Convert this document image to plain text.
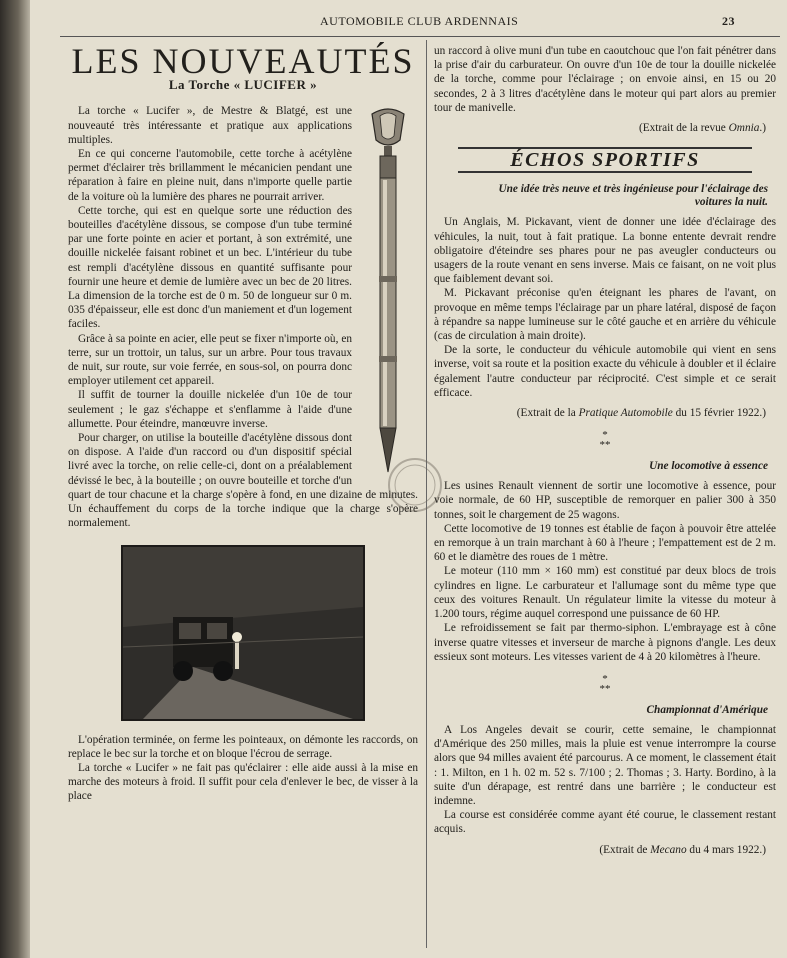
AUTOMOBILE CLUB ARDENNAIS	23
LES NOUVEAUTÉS
La Torche « LUCIFER »

La torche « Lucifer », de Mestre & Blatgé, est une nouveauté très intéressante et pratique aux applications multiples.

En ce qui concerne l'automobile, cette torche à acétylène permet d'éclairer très brillamment le mécanicien pendant une réparation à faire en pleine nuit, dans n'importe quelle partie de la voiture où la lumière des phares ne pourrait arriver.

Cette torche, qui est en quelque sorte une réduction des bouteilles d'acétylène dissous, se compose d'un tube terminé par une forte pointe en acier et portant, à son extrémité, une douille nickelée faisant robinet et un bec. L'intérieur du tube est rempli d'acétylène dissous en quantité suffisante pour fournir une heure et demie de lumière avec un bec de 20 litres. La dimension de la torche est de 0 m. 50 de longueur sur 0 m. 035 d'épaisseur, elle est donc d'un maniement et d'un logement faciles.

Grâce à sa pointe en acier, elle peut se fixer n'importe où, en terre, sur un trottoir, un talus, sur un arbre. Pour tous travaux de nuit, sur route, sur voie ferrée, en sous-sol, on pourra donc employer utilement cet appareil.

Il suffit de tourner la douille nickelée d'un 10e de tour seulement ; le gaz s'échappe et s'enflamme à l'aide d'une allumette. Pour éteindre, manœuvre inverse.

Pour charger, on utilise la bouteille d'acétylène dissous dont on dispose. A l'aide d'un raccord ou d'un dispositif spécial livré avec la torche, on relie celle-ci, dont on a préalablement dévissé le bec, à la bouteille ; on ouvre bouteille et torche d'un quart de tour chacune et la charge s'opère à fond, en une dizaine de minutes. Un échauffement du corps de la torche indique que la charge s'opère normalement.

L'opération terminée, on ferme les pointeaux, on démonte les raccords, on replace le bec sur la torche et on bloque l'écrou de serrage.

La torche « Lucifer » ne fait pas qu'éclairer : elle aide aussi à la mise en marche des moteurs à froid. Il suffit pour cela d'enlever le bec, de visser à la place

un raccord à olive muni d'un tube en caoutchouc que l'on fait pénétrer dans la prise d'air du carburateur. On ouvre d'un 10e de tour la douille nickelée de la torche, comme pour l'éclairage ; on envoie ainsi, en 15 ou 20 secondes, 2 à 3 litres d'acétylène dans le moteur qui part alors au premier tour de manivelle.

(Extrait de la revue Omnia.)
ÉCHOS SPORTIFS
Une idée très neuve et très ingénieuse pour l'éclairage des voitures la nuit.

Un Anglais, M. Pickavant, vient de donner une idée d'éclairage des véhicules, la nuit, tout à fait pratique. La bonne entente devrait rendre obligatoire d'éteindre ses phares pour ne pas aveugler conducteurs ou usagers de la route venant en sens inverse. Mais ce faisant, on ne voit plus que faiblement devant soi.

M. Pickavant préconise qu'en éteignant les phares de l'avant, on provoque en même temps l'éclairage par un phare latéral, disposé de façon à répandre sa nappe lumineuse sur le côté gauche et en arrière du véhicule (cas de circulation à main droite).

De la sorte, le conducteur du véhicule automobile qui vient en sens inverse, voit sa route et la position exacte du véhicule à doubler et il éclaire également l'autre conducteur par réciprocité. C'est simple et ce serait efficace.

(Extrait de la Pratique Automobile du 15 février 1922.)
*
**
Une locomotive à essence

Les usines Renault viennent de sortir une locomotive à essence, pour voie normale, de 60 HP, susceptible de remorquer en palier 300 à 350 tonnes, soit le chargement de 25 wagons.

Cette locomotive de 19 tonnes est établie de façon à pouvoir être attelée en remorque à un train marchant à 60 à l'heure ; l'empattement est de 2 m. 60 et le diamètre des roues de 1 mètre.

Le moteur (110 mm × 160 mm) est constitué par deux blocs de trois cylindres en ligne. Le carburateur et l'allumage sont du même type que ceux des voitures Renault. Un régulateur limite la vitesse du moteur à 1.200 tours, régime auquel correspond une puissance de 60 HP.

Le refroidissement se fait par thermo-siphon. L'embrayage est à cône inverse quatre vitesses et inverseur de marche à pignons d'angle. Les deux essieux sont moteurs. Les vitesses varient de 4 à 20 kilomètres à l'heure.

*
**
Championnat d'Amérique

A Los Angeles devait se courir, cette semaine, le championnat d'Amérique des 250 milles, mais la pluie est venue interrompre la course alors que 94 milles avaient été parcourus. A ce moment, le classement était : 1. Milton, en 1 h. 02 m. 52 s. 7/100 ; 2. Thomas ; 3. Harty. Bordino, à la suite d'un dérapage, est rentré dans une barrière ; le conducteur est indemne.

La course est considérée comme ayant été courue, le classement restant acquis.

(Extrait de Mecano du 4 mars 1922.)
